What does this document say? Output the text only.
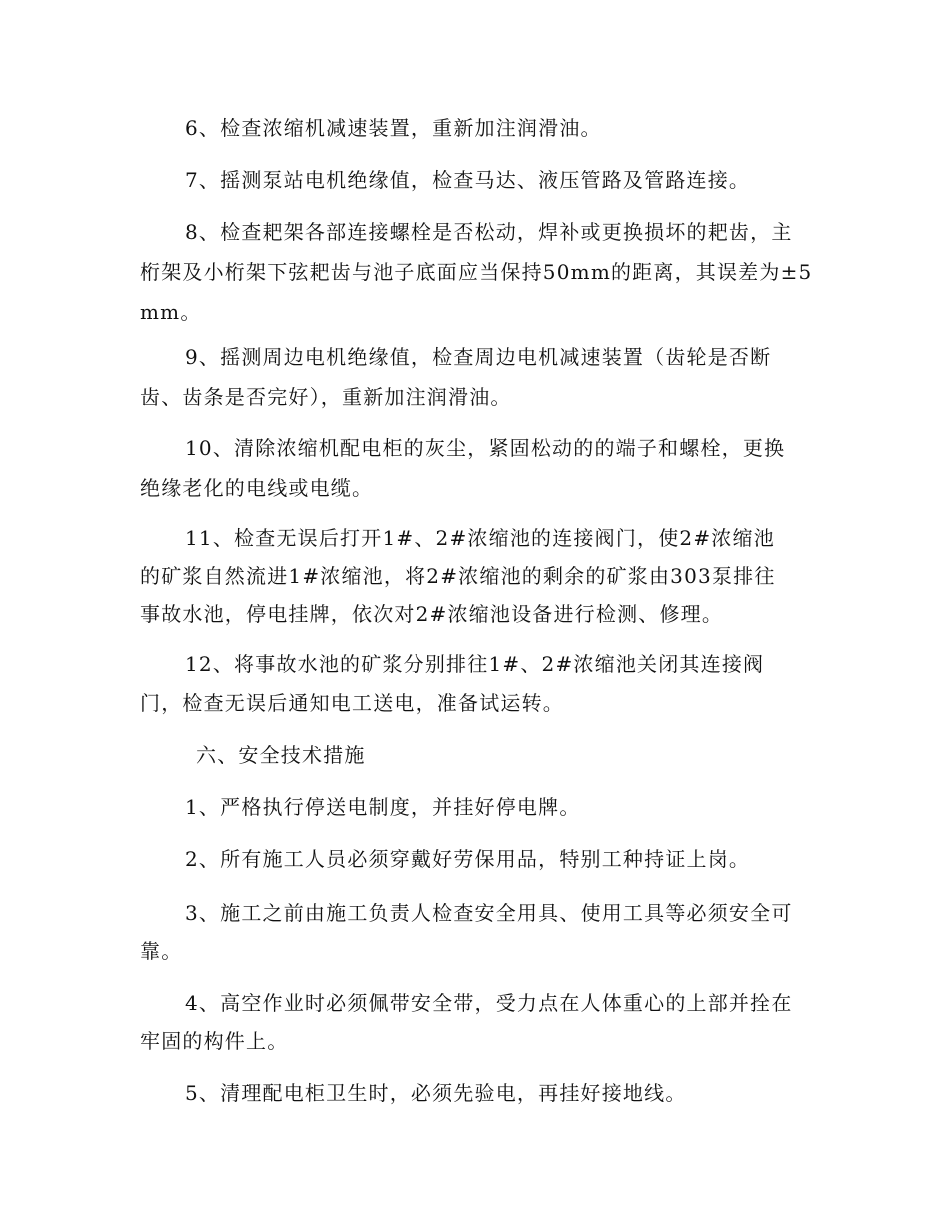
6、检查浓缩机减速装置，重新加注润滑油。
7、摇测泵站电机绝缘值，检查马达、液压管路及管路连接。
8、检查耙架各部连接螺栓是否松动，焊补或更换损坏的耙齿，主
桁架及小桁架下弦耙齿与池子底面应当保持50mm的距离，其误差为±5
mm。
9、摇测周边电机绝缘值，检查周边电机减速装置（齿轮是否断
齿、齿条是否完好），重新加注润滑油。
10、清除浓缩机配电柜的灰尘，紧固松动的的端子和螺栓，更换
绝缘老化的电线或电缆。
11、检查无误后打开1#、2#浓缩池的连接阀门，使2#浓缩池
的矿浆自然流进1#浓缩池，将2#浓缩池的剩余的矿浆由303泵排往
事故水池，停电挂牌，依次对2#浓缩池设备进行检测、修理。
12、将事故水池的矿浆分别排往1#、2#浓缩池关闭其连接阀
门，检查无误后通知电工送电，准备试运转。
六、安全技术措施
1、严格执行停送电制度，并挂好停电牌。
2、所有施工人员必须穿戴好劳保用品，特别工种持证上岗。
3、施工之前由施工负责人检查安全用具、使用工具等必须安全可
靠。
4、高空作业时必须佩带安全带，受力点在人体重心的上部并拴在
牢固的构件上。
5、清理配电柜卫生时，必须先验电，再挂好接地线。
